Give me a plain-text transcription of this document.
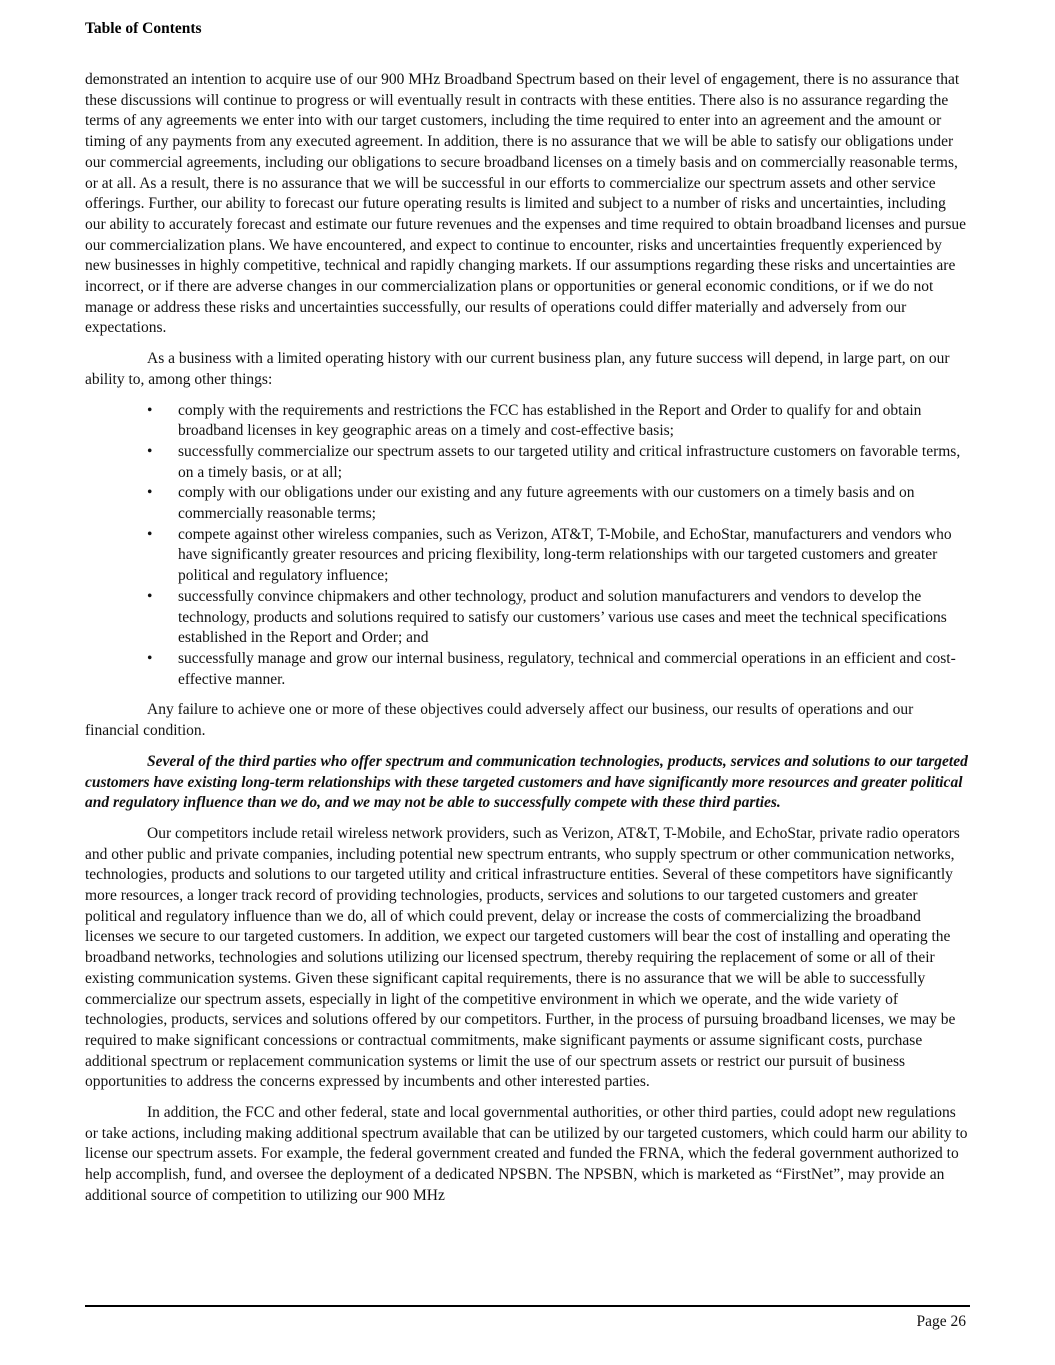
Table of Contents

demonstrated an intention to acquire use of our 900 MHz Broadband Spectrum based on their level of engagement, there is no assurance that these discussions will continue to progress or will eventually result in contracts with these entities. There also is no assurance regarding the terms of any agreements we enter into with our target customers, including the time required to enter into an agreement and the amount or timing of any payments from any executed agreement. In addition, there is no assurance that we will be able to satisfy our obligations under our commercial agreements, including our obligations to secure broadband licenses on a timely basis and on commercially reasonable terms, or at all. As a result, there is no assurance that we will be successful in our efforts to commercialize our spectrum assets and other service offerings. Further, our ability to forecast our future operating results is limited and subject to a number of risks and uncertainties, including our ability to accurately forecast and estimate our future revenues and the expenses and time required to obtain broadband licenses and pursue our commercialization plans. We have encountered, and expect to continue to encounter, risks and uncertainties frequently experienced by new businesses in highly competitive, technical and rapidly changing markets. If our assumptions regarding these risks and uncertainties are incorrect, or if there are adverse changes in our commercialization plans or opportunities or general economic conditions, or if we do not manage or address these risks and uncertainties successfully, our results of operations could differ materially and adversely from our expectations.

As a business with a limited operating history with our current business plan, any future success will depend, in large part, on our ability to, among other things:

• comply with the requirements and restrictions the FCC has established in the Report and Order to qualify for and obtain broadband licenses in key geographic areas on a timely and cost-effective basis;
• successfully commercialize our spectrum assets to our targeted utility and critical infrastructure customers on favorable terms, on a timely basis, or at all;
• comply with our obligations under our existing and any future agreements with our customers on a timely basis and on commercially reasonable terms;
• compete against other wireless companies, such as Verizon, AT&T, T-Mobile, and EchoStar, manufacturers and vendors who have significantly greater resources and pricing flexibility, long-term relationships with our targeted customers and greater political and regulatory influence;
• successfully convince chipmakers and other technology, product and solution manufacturers and vendors to develop the technology, products and solutions required to satisfy our customers’ various use cases and meet the technical specifications established in the Report and Order; and
• successfully manage and grow our internal business, regulatory, technical and commercial operations in an efficient and cost-effective manner.

Any failure to achieve one or more of these objectives could adversely affect our business, our results of operations and our financial condition.

Several of the third parties who offer spectrum and communication technologies, products, services and solutions to our targeted customers have existing long-term relationships with these targeted customers and have significantly more resources and greater political and regulatory influence than we do, and we may not be able to successfully compete with these third parties.

Our competitors include retail wireless network providers, such as Verizon, AT&T, T-Mobile, and EchoStar, private radio operators and other public and private companies, including potential new spectrum entrants, who supply spectrum or other communication networks, technologies, products and solutions to our targeted utility and critical infrastructure entities. Several of these competitors have significantly more resources, a longer track record of providing technologies, products, services and solutions to our targeted customers and greater political and regulatory influence than we do, all of which could prevent, delay or increase the costs of commercializing the broadband licenses we secure to our targeted customers. In addition, we expect our targeted customers will bear the cost of installing and operating the broadband networks, technologies and solutions utilizing our licensed spectrum, thereby requiring the replacement of some or all of their existing communication systems. Given these significant capital requirements, there is no assurance that we will be able to successfully commercialize our spectrum assets, especially in light of the competitive environment in which we operate, and the wide variety of technologies, products, services and solutions offered by our competitors. Further, in the process of pursuing broadband licenses, we may be required to make significant concessions or contractual commitments, make significant payments or assume significant costs, purchase additional spectrum or replacement communication systems or limit the use of our spectrum assets or restrict our pursuit of business opportunities to address the concerns expressed by incumbents and other interested parties.

In addition, the FCC and other federal, state and local governmental authorities, or other third parties, could adopt new regulations or take actions, including making additional spectrum available that can be utilized by our targeted customers, which could harm our ability to license our spectrum assets. For example, the federal government created and funded the FRNA, which the federal government authorized to help accomplish, fund, and oversee the deployment of a dedicated NPSBN. The NPSBN, which is marketed as “FirstNet”, may provide an additional source of competition to utilizing our 900 MHz

Page 26
